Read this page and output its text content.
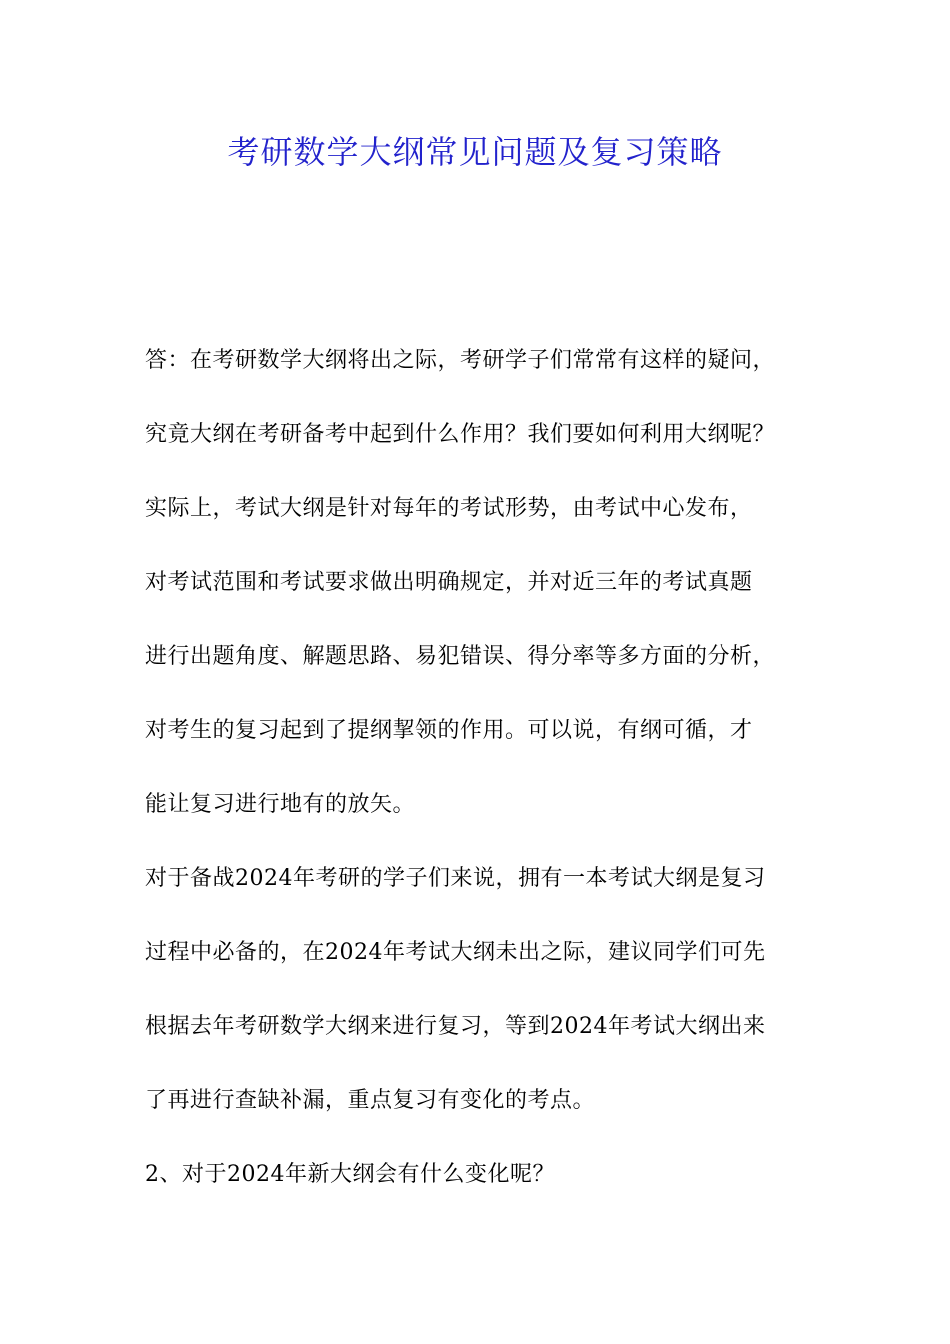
考研数学大纲常见问题及复习策略
答：在考研数学大纲将出之际，考研学子们常常有这样的疑问，
究竟大纲在考研备考中起到什么作用？我们要如何利用大纲呢？
实际上，考试大纲是针对每年的考试形势，由考试中心发布，
对考试范围和考试要求做出明确规定，并对近三年的考试真题
进行出题角度、解题思路、易犯错误、得分率等多方面的分析，
对考生的复习起到了提纲挈领的作用。可以说，有纲可循，才
能让复习进行地有的放矢。
对于备战2024年考研的学子们来说，拥有一本考试大纲是复习
过程中必备的，在2024年考试大纲未出之际，建议同学们可先
根据去年考研数学大纲来进行复习，等到2024年考试大纲出来
了再进行查缺补漏，重点复习有变化的考点。
2、对于2024年新大纲会有什么变化呢？
